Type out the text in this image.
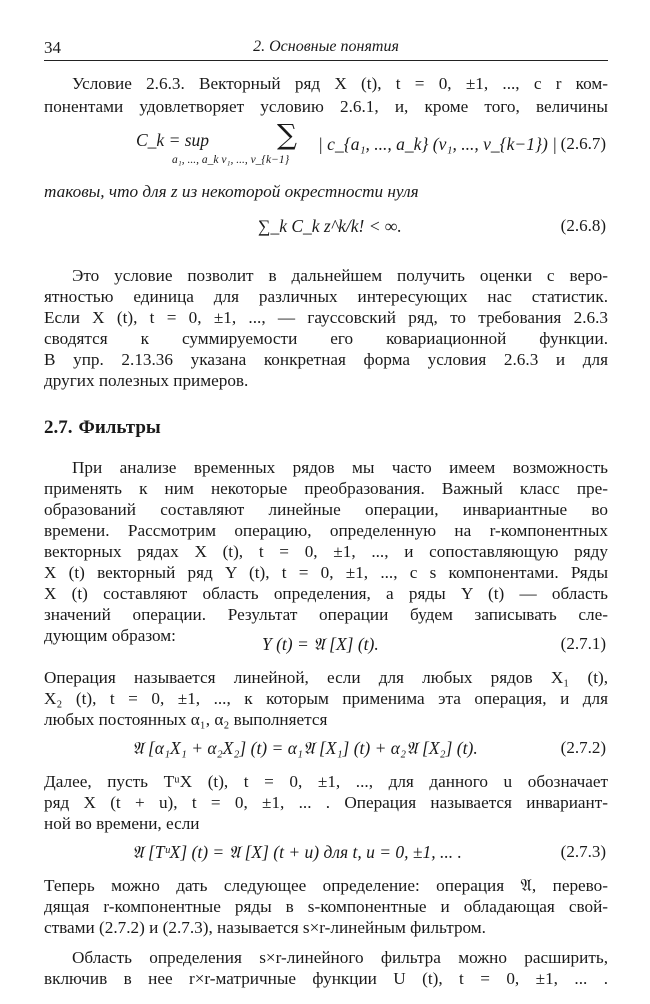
34	2. Основные понятия
Условие 2.6.3. Векторный ряд X (t), t = 0, ±1, ..., с r ком-
понентами удовлетворяет условию 2.6.1, и, кроме того, величины
C_k = sup
a₁, ..., a_k v₁, ..., v_{k−1}
∑ | c_{a₁, ..., a_k} (v₁, ..., v_{k−1}) | (2.6.7)
таковы, что для z из некоторой окрестности нуля
∑_k C_k z^k/k! < ∞.	(2.6.8)
Это условие позволит в дальнейшем получить оценки с веро-
ятностью единица для различных интересующих нас статистик.
Если X (t), t = 0, ±1, ..., — гауссовский ряд, то требования 2.6.3
сводятся к суммируемости его ковариационной функции.
В упр. 2.13.36 указана конкретная форма условия 2.6.3 и для
других полезных примеров.
2.7. Фильтры
При анализе временных рядов мы часто имеем возможность
применять к ним некоторые преобразования. Важный класс пре-
образований составляют линейные операции, инвариантные во
времени. Рассмотрим операцию, определенную на r-компонентных
векторных рядах X (t), t = 0, ±1, ..., и сопоставляющую ряду
X (t) векторный ряд Y (t), t = 0, ±1, ..., с s компонентами. Ряды
X (t) составляют область определения, а ряды Y (t) — область
значений операции. Результат операции будем записывать сле-
дующим образом:	Y (t) = 𝔄 [X] (t).	(2.7.1)
Операция называется линейной, если для любых рядов X₁ (t),
X₂ (t), t = 0, ±1, ..., к которым применима эта операция, и для
любых постоянных α₁, α₂ выполняется
𝔄 [α₁X₁ + α₂X₂] (t) = α₁𝔄 [X₁] (t) + α₂𝔄 [X₂] (t).	(2.7.2)
Далее, пусть TᵘX (t), t = 0, ±1, ..., для данного u обозначает
ряд X (t + u), t = 0, ±1, ... . Операция называется инвариант-
ной во времени, если
𝔄 [TᵘX] (t) = 𝔄 [X] (t + u) для t, u = 0, ±1, ... .	(2.7.3)
Теперь можно дать следующее определение: операция 𝔄, перево-
дящая r-компонентные ряды в s-компонентные и обладающая свой-
ствами (2.7.2) и (2.7.3), называется s×r-линейным фильтром.
Область определения s×r-линейного фильтра можно расширить,
включив в нее r×r-матричные функции U (t), t = 0, ±1, ... .
